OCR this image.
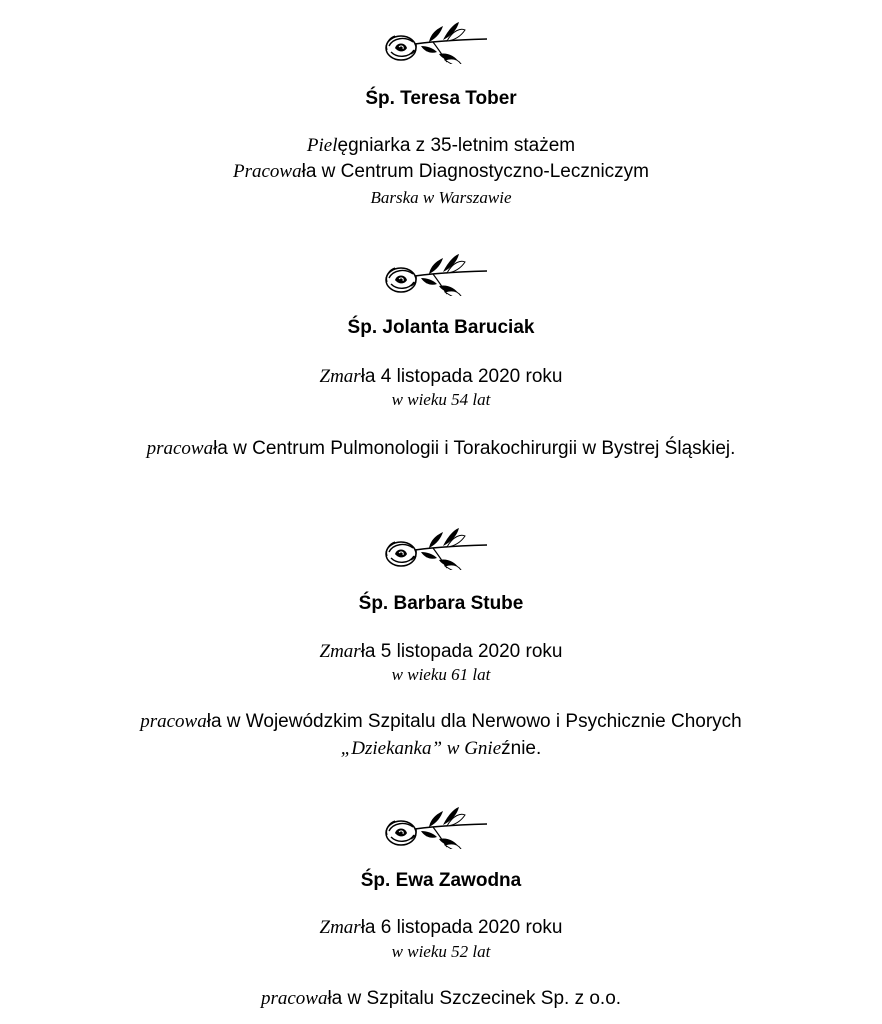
Śp. Teresa Tober
Pielęgniarka z 35-letnim stażem
Pracowała w Centrum Diagnostyczno-Leczniczym
Barska w Warszawie
Śp. Jolanta Baruciak
Zmarła 4 listopada 2020 roku
w wieku 54 lat
pracowała w Centrum Pulmonologii i Torakochirurgii w Bystrej Śląskiej.
Śp. Barbara Stube
Zmarła 5 listopada 2020 roku
w wieku 61 lat
pracowała w Wojewódzkim Szpitalu dla Nerwowo i Psychicznie Chorych
„Dziekanka” w Gnieźnie.
Śp. Ewa Zawodna
Zmarła 6 listopada 2020 roku
w wieku 52 lat
pracowała w Szpitalu Szczecinek Sp. z o.o.
